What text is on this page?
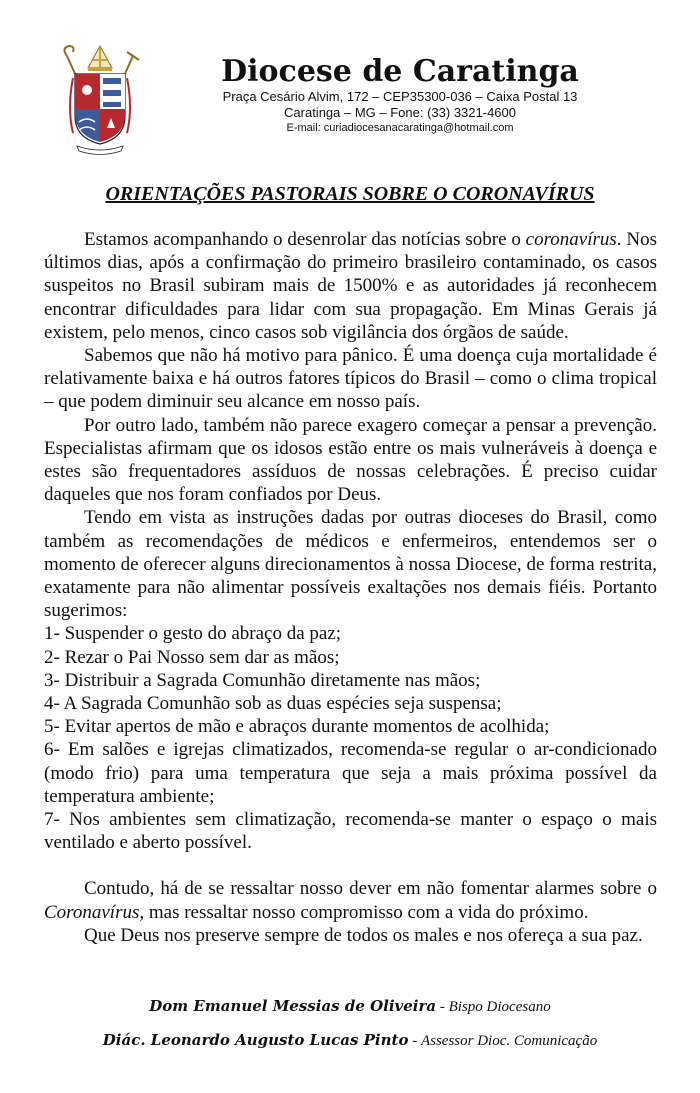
Diocese de Caratinga
Praça Cesário Alvim, 172 – CEP35300-036 – Caixa Postal 13
Caratinga – MG – Fone: (33) 3321-4600
E-mail: curiadiocesanacaratinga@hotmail.com
ORIENTAÇÕES PASTORAIS SOBRE O CORONAVÍRUS

Estamos acompanhando o desenrolar das notícias sobre o coronavírus. Nos últimos dias, após a confirmação do primeiro brasileiro contaminado, os casos suspeitos no Brasil subiram mais de 1500% e as autoridades já reconhecem encontrar dificuldades para lidar com sua propagação. Em Minas Gerais já existem, pelo menos, cinco casos sob vigilância dos órgãos de saúde.

Sabemos que não há motivo para pânico. É uma doença cuja mortalidade é relativamente baixa e há outros fatores típicos do Brasil – como o clima tropical – que podem diminuir seu alcance em nosso país.

Por outro lado, também não parece exagero começar a pensar a prevenção. Especialistas afirmam que os idosos estão entre os mais vulneráveis à doença e estes são frequentadores assíduos de nossas celebrações. É preciso cuidar daqueles que nos foram confiados por Deus.

Tendo em vista as instruções dadas por outras dioceses do Brasil, como também as recomendações de médicos e enfermeiros, entendemos ser o momento de oferecer alguns direcionamentos à nossa Diocese, de forma restrita, exatamente para não alimentar possíveis exaltações nos demais fiéis. Portanto sugerimos:

1- Suspender o gesto do abraço da paz;
2- Rezar o Pai Nosso sem dar as mãos;
3- Distribuir a Sagrada Comunhão diretamente nas mãos;
4- A Sagrada Comunhão sob as duas espécies seja suspensa;
5- Evitar apertos de mão e abraços durante momentos de acolhida;
6- Em salões e igrejas climatizados, recomenda-se regular o ar-condicionado (modo frio) para uma temperatura que seja a mais próxima possível da temperatura ambiente;
7- Nos ambientes sem climatização, recomenda-se manter o espaço o mais ventilado e aberto possível.

Contudo, há de se ressaltar nosso dever em não fomentar alarmes sobre o Coronavírus, mas ressaltar nosso compromisso com a vida do próximo.

Que Deus nos preserve sempre de todos os males e nos ofereça a sua paz.

Dom Emanuel Messias de Oliveira - Bispo Diocesano
Diác. Leonardo Augusto Lucas Pinto - Assessor Dioc. Comunicação
